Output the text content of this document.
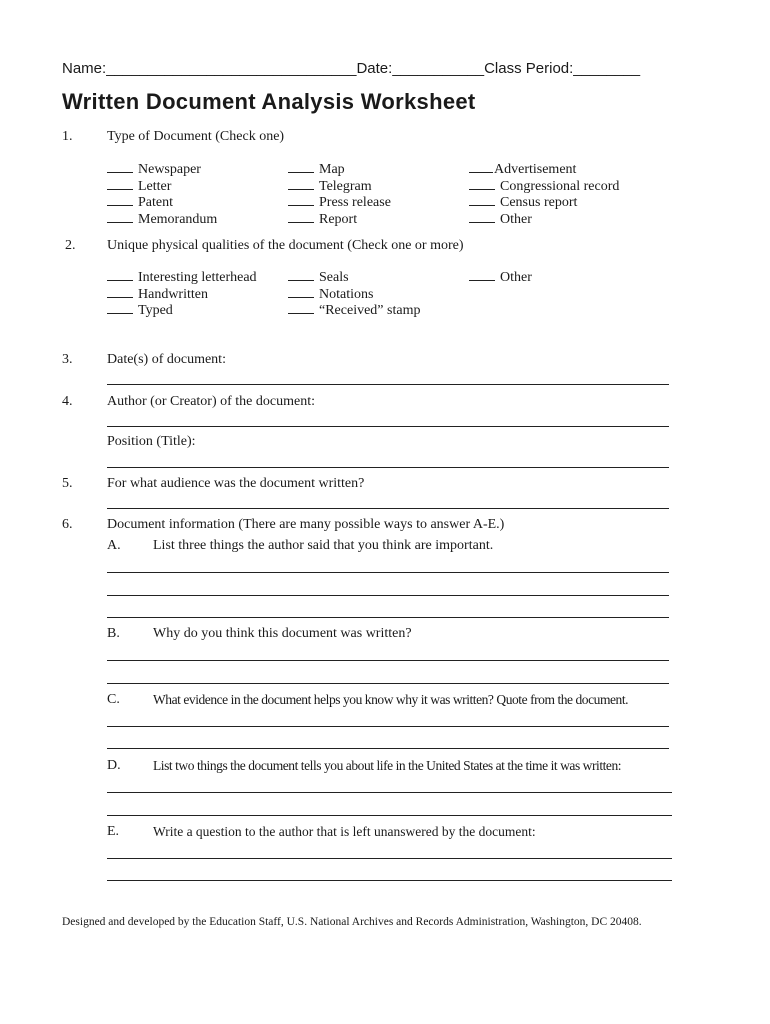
Name:______________________________Date:___________Class Period:________
Written Document Analysis Worksheet
1. Type of Document (Check one)
Newspaper
Letter
Patent
Memorandum
Map
Telegram
Press release
Report
Advertisement
Congressional record
Census report
Other
2. Unique physical qualities of the document (Check one or more)
Interesting letterhead
Handwritten
Typed
Seals
Notations
“Received” stamp
Other
3. Date(s) of document:
4. Author (or Creator) of the document:
Position (Title):
5. For what audience was the document written?
6. Document information (There are many possible ways to answer A-E.)
A. List three things the author said that you think are important.
B. Why do you think this document was written?
C. What evidence in the document helps you know why it was written? Quote from the document.
D. List two things the document tells you about life in the United States at the time it was written:
E.	Write a question to the author that is left unanswered by the document:
Designed and developed by the Education Staff, U.S. National Archives and Records Administration, Washington, DC 20408.
